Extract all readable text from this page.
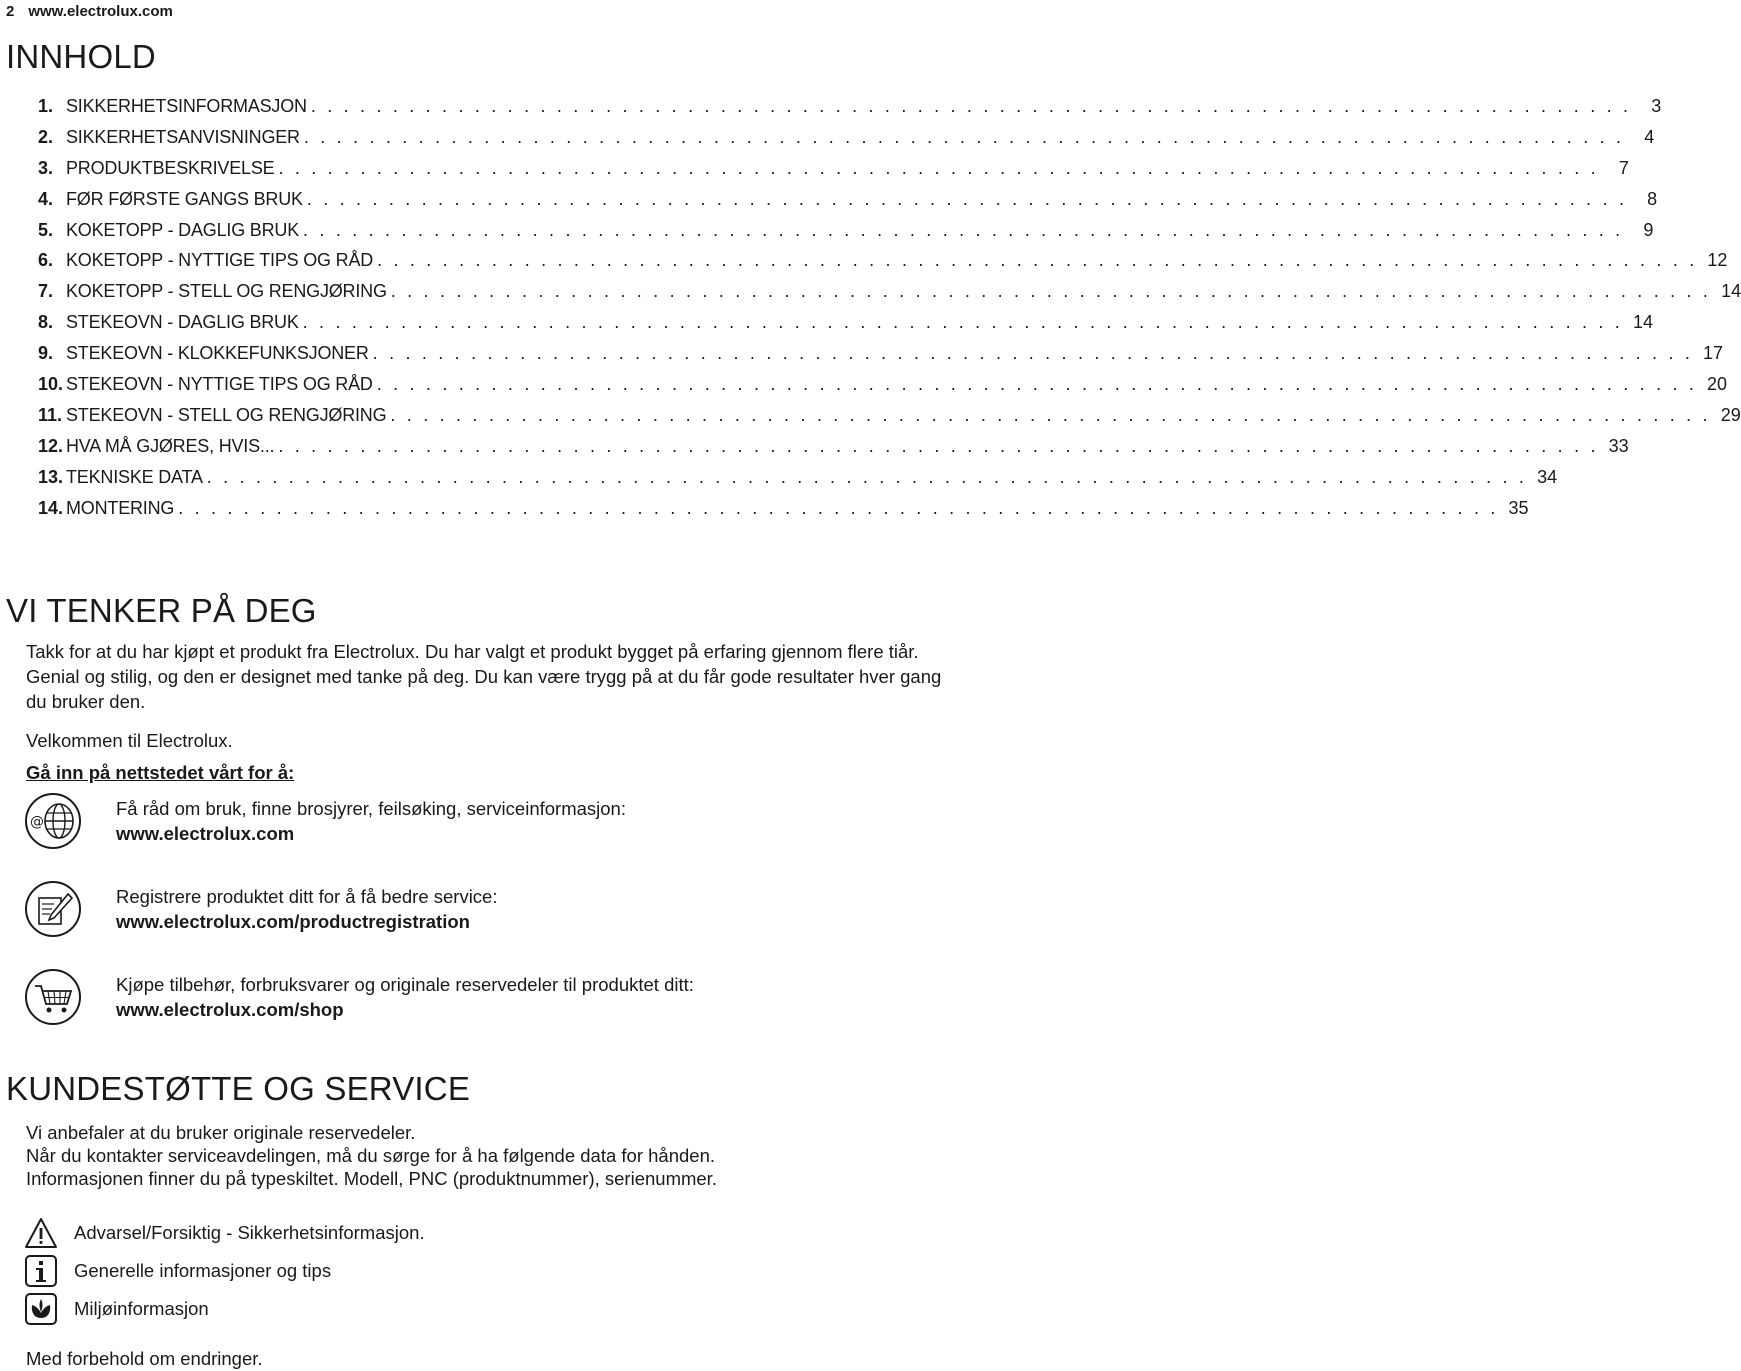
2 www.electrolux.com
INNHOLD
1. SIKKERHETSINFORMASJON . . . . . . . . . . . . . . . . . . . . . . . . . . . . . . . . . . . . . . . . . . . . . . . . . . . . . . . . . . . . . . . . . . . . . . . . . . . . . . . . .	3
2. SIKKERHETSANVISNINGER . . . . . . . . . . . . . . . . . . . . . . . . . . . . . . . . . . . . . . . . . . . . . . . . . . . . . . . . . . . . . . . . . . . . . . . . . . . . . . . . .	4
3. PRODUKTBESKRIVELSE . . . . . . . . . . . . . . . . . . . . . . . . . . . . . . . . . . . . . . . . . . . . . . . . . . . . . . . . . . . . . . . . . . . . . . . . . . . . . . . . .	7
4. FØR FØRSTE GANGS BRUK . . . . . . . . . . . . . . . . . . . . . . . . . . . . . . . . . . . . . . . . . . . . . . . . . . . . . . . . . . . . . . . . . . . . . . . . . . . . . . . . .	8
5. KOKETOPP - DAGLIG BRUK . . . . . . . . . . . . . . . . . . . . . . . . . . . . . . . . . . . . . . . . . . . . . . . . . . . . . . . . . . . . . . . . . . . . . . . . . . . . . . . . .	9
6. KOKETOPP - NYTTIGE TIPS OG RÅD . . . . . . . . . . . . . . . . . . . . . . . . . . . . . . . . . . . . . . . . . . . . . . . . . . . . . . . . . . . . . . . . . . . . . . . . . . . . . . . . . 12
7. KOKETOPP - STELL OG RENGJØRING . . . . . . . . . . . . . . . . . . . . . . . . . . . . . . . . . . . . . . . . . . . . . . . . . . . . . . . . . . . . . . . . . . . . . . . . . . . . . . . . . 14
8. STEKEOVN - DAGLIG BRUK . . . . . . . . . . . . . . . . . . . . . . . . . . . . . . . . . . . . . . . . . . . . . . . . . . . . . . . . . . . . . . . . . . . . . . . . . . . . . . . . . 14
9. STEKEOVN - KLOKKEFUNKSJONER . . . . . . . . . . . . . . . . . . . . . . . . . . . . . . . . . . . . . . . . . . . . . . . . . . . . . . . . . . . . . . . . . . . . . . . . . . . . . . . . . 17
10. STEKEOVN - NYTTIGE TIPS OG RÅD . . . . . . . . . . . . . . . . . . . . . . . . . . . . . . . . . . . . . . . . . . . . . . . . . . . . . . . . . . . . . . . . . . . . . . . . . . . . . . . . . 20
11. STEKEOVN - STELL OG RENGJØRING . . . . . . . . . . . . . . . . . . . . . . . . . . . . . . . . . . . . . . . . . . . . . . . . . . . . . . . . . . . . . . . . . . . . . . . . . . . . . . . . . 29
12. HVA MÅ GJØRES, HVIS... . . . . . . . . . . . . . . . . . . . . . . . . . . . . . . . . . . . . . . . . . . . . . . . . . . . . . . . . . . . . . . . . . . . . . . . . . . . . . . . . . 33
13. TEKNISKE DATA . . . . . . . . . . . . . . . . . . . . . . . . . . . . . . . . . . . . . . . . . . . . . . . . . . . . . . . . . . . . . . . . . . . . . . . . . . . . . . . . . 34
14. MONTERING . . . . . . . . . . . . . . . . . . . . . . . . . . . . . . . . . . . . . . . . . . . . . . . . . . . . . . . . . . . . . . . . . . . . . . . . . . . . . . . . . 35
VI TENKER PÅ DEG

Takk for at du har kjøpt et produkt fra Electrolux. Du har valgt et produkt bygget på erfaring gjennom flere tiår. Genial og stilig, og den er designet med tanke på deg. Du kan være trygg på at du får gode resultater hver gang du bruker den.

Velkommen til Electrolux.

Gå inn på nettstedet vårt for å:

@
Få råd om bruk, finne brosjyrer, feilsøking, serviceinformasjon:
www.electrolux.com
Registrere produktet ditt for å få bedre service:
www.electrolux.com/productregistration
Kjøpe tilbehør, forbruksvarer og originale reservedeler til produktet ditt:
www.electrolux.com/shop
KUNDESTØTTE OG SERVICE

Vi anbefaler at du bruker originale reservedeler.

Når du kontakter serviceavdelingen, må du sørge for å ha følgende data for hånden.

Informasjonen finner du på typeskiltet. Modell, PNC (produktnummer), serienummer.

Advarsel/Forsiktig - Sikkerhetsinformasjon.
Generelle informasjoner og tips
Miljøinformasjon

Med forbehold om endringer.
